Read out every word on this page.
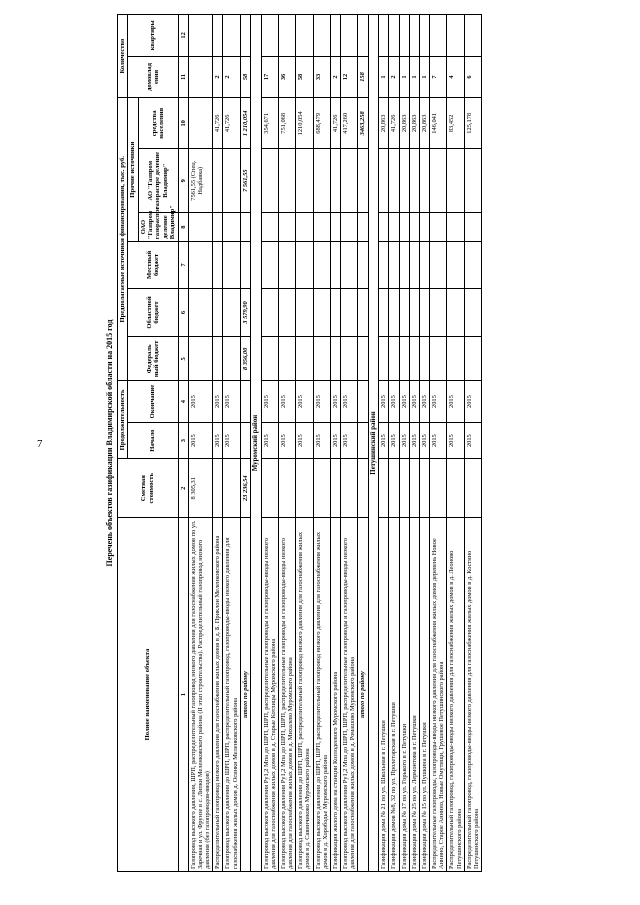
7	Перечень объектов газификации Владимирской области на 2015 год											
Полное наименование объекта	Сметная стоимость	Продолжительность		Предполагаемые источники финансирования, тыс. руб.						Количество	
		Начало	Окончание	Федераль ный бюджет	Областной бюджет	Местный бюджет	Прочие источники			домовлад ения	квартиры
							ОАО "Газпром газораспре деление Владимир"	АО "Газпром газораспре деление Владимир"	средства населения		
1	2	3	4	5	6	7	8	9	10	11	12
Газопровод высокого давления, ШРП, распределительный газопровод низкого давления для газоснабжения жилых домов по ул. Заречная и ул. Фрунзе в с. Липки Меленковского района (II этап строительства). Распределительный газопровод низкого давления (без газопроводов-вводов)	8 305,31	2015	2015					7561,55 (Спец. Надбавка)			
Распределительный газопровод низкого давления для газоснабжения жилых домов в д. Б. Приклон Меленковского района		2015	2015						41,726	2	
Газопровод высокого давления до ШРП, ШРП, распределительный газопровод, газопроводы-вводы низкого давления для газоснабжения жилых домов д. Осинки Меленковского района		2015	2015						41,726	2	
итого по району	23 236,54			8 356,00	3 579,90			7 561,55	1 210,054	58	
Муромский район											
Газопровод высокого давления Ру1,2 Мпа до ШРП, ШРП, распределительные газопроводы и газопроводы-вводы низкого давления для газоснабжения жилых домов в д. Старые Котлицы Муромского района		2015	2015						354,671	17	
Газопровод высокого давления Ру1,2 Мпа до ШРП, ШРП, распределительные газопроводы и газопроводы-вводы низкого давления для газоснабжения жилых домов в д. Михалево Муромского района		2015	2015						751,068	36	
Газопровод высокого давления до ШРП, ШРП, распределительный газопровод низкого давления для газоснабжения жилых домов в д. Савинчиково Муромского района		2015	2015						1210,054	58	
Газопровод высокого давления до ШРП, ШРП, распределительный газопровод низкого давления для газоснабжения жилых домов в д. Хорободье Муромского района		2015	2015						688,479	33	
Газификация жилого дома на станции Козлодеевого Муромского района		2015	2015						41,726	2	
Газопровод высокого давления Ру1,2 Мпа до ШРП, ШРП, распределительные газопроводы и газопроводы-вводы низкого давления для газоснабжения жилых домов в д. Ромашово Муромского района		2015	2015						417,260	12	
итого по району									3463,258	158	
Петушинский район											
Газификация дома № 21 по ул. Школьная в г. Петушки		2015	2015						20,863	1	
Газификация домов №8, 32 по ул. Пролетарская в г. Петушки		2015	2015						41,726	2	
Газификация дома № 17 по ул. Горького в г. Петушки		2015	2015						20,863	1	
Газификация дома № 25 по ул. Лермонтова в г. Петушки		2015	2015						20,863	1	
Газификация дома № 15 по ул. Пушкина в г. Петушки		2015	2015						20,863	1	
Распределительные газопроводы, газопроводы-вводы низкого давления для газоснабжения жилых домов деревень Новое Аннино, Старое Аннино, Новые Омутищи, Грушевое Петушинского района		2015	2015						146,041	7	
Распределительный газопровод, газопроводы-вводы низкого давления для газоснабжения жилых домов в д. Леоново Петушинского района		2015	2015						83,452	4	
Распределительный газопровод, газопроводы-вводы низкого давления для газоснабжения жилых домов в д. Костино Петушинского района		2015	2015						125,178	6	
